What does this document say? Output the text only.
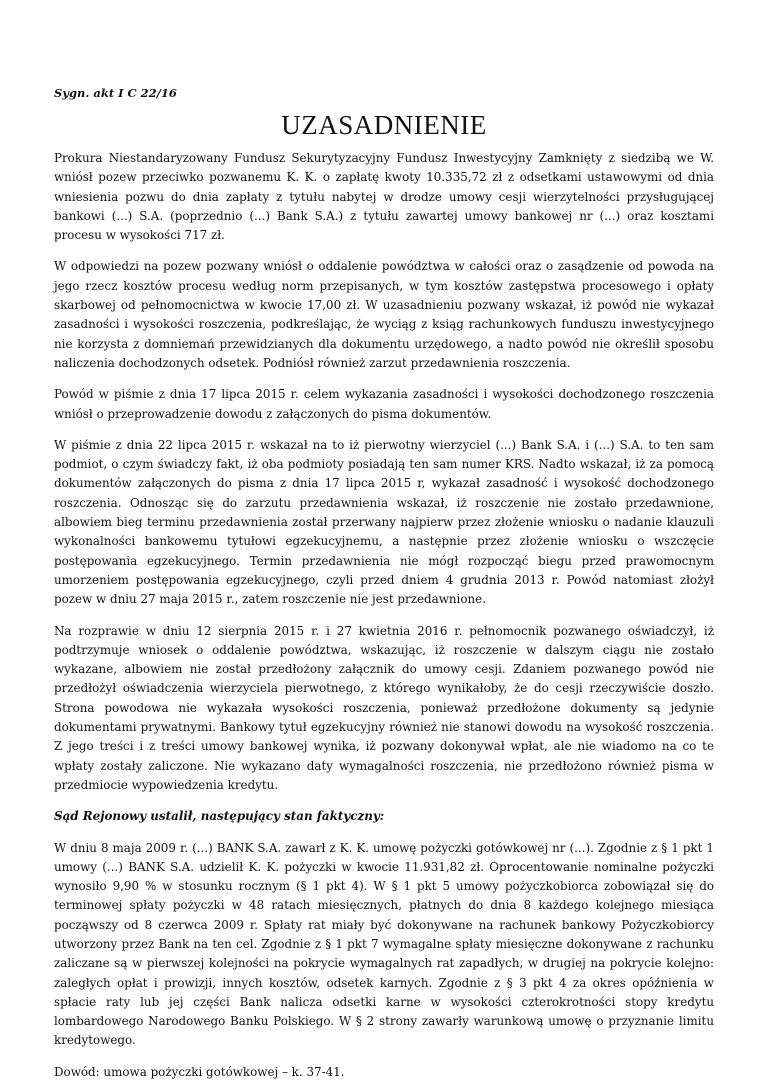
Sygn. akt I C 22/16
UZASADNIENIE

Prokura Niestandaryzowany Fundusz Sekurytyzacyjny Fundusz Inwestycyjny Zamknięty z siedzibą we W. wniósł pozew przeciwko pozwanemu K. K. o zapłatę kwoty 10.335,72 zł z odsetkami ustawowymi od dnia wniesienia pozwu do dnia zapłaty z tytułu nabytej w drodze umowy cesji wierzytelności przysługującej bankowi (...) S.A. (poprzednio (...) Bank S.A.) z tytułu zawartej umowy bankowej nr (...) oraz kosztami procesu w wysokości 717 zł.

W odpowiedzi na pozew pozwany wniósł o oddalenie powództwa w całości oraz o zasądzenie od powoda na jego rzecz kosztów procesu według norm przepisanych, w tym kosztów zastępstwa procesowego i opłaty skarbowej od pełnomocnictwa w kwocie 17,00 zł. W uzasadnieniu pozwany wskazał, iż powód nie wykazał zasadności i wysokości roszczenia, podkreślając, że wyciąg z ksiąg rachunkowych funduszu inwestycyjnego nie korzysta z domniemań przewidzianych dla dokumentu urzędowego, a nadto powód nie określił sposobu naliczenia dochodzonych odsetek. Podniósł również zarzut przedawnienia roszczenia.

Powód w piśmie z dnia 17 lipca 2015 r. celem wykazania zasadności i wysokości dochodzonego roszczenia wniósł o przeprowadzenie dowodu z załączonych do pisma dokumentów.

W piśmie z dnia 22 lipca 2015 r. wskazał na to iż pierwotny wierzyciel (...) Bank S.A. i (...) S.A. to ten sam podmiot, o czym świadczy fakt, iż oba podmioty posiadają ten sam numer KRS. Nadto wskazał, iż za pomocą dokumentów załączonych do pisma z dnia 17 lipca 2015 r, wykazał zasadność i wysokość dochodzonego roszczenia. Odnosząc się do zarzutu przedawnienia wskazał, iż roszczenie nie zostało przedawnione, albowiem bieg terminu przedawnienia został przerwany najpierw przez złożenie wniosku o nadanie klauzuli wykonalności bankowemu tytułowi egzekucyjnemu, a następnie przez złożenie wniosku o wszczęcie postępowania egzekucyjnego. Termin przedawnienia nie mógł rozpocząć biegu przed prawomocnym umorzeniem postępowania egzekucyjnego, czyli przed dniem 4 grudnia 2013 r. Powód natomiast złożył pozew w dniu 27 maja 2015 r., zatem roszczenie nie jest przedawnione.

Na rozprawie w dniu 12 sierpnia 2015 r. i 27 kwietnia 2016 r. pełnomocnik pozwanego oświadczył, iż podtrzymuje wniosek o oddalenie powództwa, wskazując, iż roszczenie w dalszym ciągu nie zostało wykazane, albowiem nie został przedłożony załącznik do umowy cesji. Zdaniem pozwanego powód nie przedłożył oświadczenia wierzyciela pierwotnego, z którego wynikałoby, że do cesji rzeczywiście doszło. Strona powodowa nie wykazała wysokości roszczenia, ponieważ przedłożone dokumenty są jedynie dokumentami prywatnymi. Bankowy tytuł egzekucyjny również nie stanowi dowodu na wysokość roszczenia. Z jego treści i z treści umowy bankowej wynika, iż pozwany dokonywał wpłat, ale nie wiadomo na co te wpłaty zostały zaliczone. Nie wykazano daty wymagalności roszczenia, nie przedłożono również pisma w przedmiocie wypowiedzenia kredytu.

Sąd Rejonowy ustalił, następujący stan faktyczny:

W dniu 8 maja 2009 r. (...) BANK S.A. zawarł z K. K. umowę pożyczki gotówkowej nr (...). Zgodnie z § 1 pkt 1 umowy (...) BANK S.A. udzielił K. K. pożyczki w kwocie 11.931,82 zł. Oprocentowanie nominalne pożyczki wynosiło 9,90 % w stosunku rocznym (§ 1 pkt 4). W § 1 pkt 5 umowy pożyczkobiorca zobowiązał się do terminowej spłaty pożyczki w 48 ratach miesięcznych, płatnych do dnia 8 każdego kolejnego miesiąca począwszy od 8 czerwca 2009 r. Spłaty rat miały być dokonywane na rachunek bankowy Pożyczkobiorcy utworzony przez Bank na ten cel. Zgodnie z § 1 pkt 7 wymagalne spłaty miesięczne dokonywane z rachunku zaliczane są w pierwszej kolejności na pokrycie wymagalnych rat zapadłych, w drugiej na pokrycie kolejno: zaległych opłat i prowizji, innych kosztów, odsetek karnych. Zgodnie z § 3 pkt 4 za okres opóźnienia w spłacie raty lub jej części Bank nalicza odsetki karne w wysokości czterokrotności stopy kredytu lombardowego Narodowego Banku Polskiego. W § 2 strony zawarły warunkową umowę o przyznanie limitu kredytowego.

Dowód: umowa pożyczki gotówkowej – k. 37-41.
